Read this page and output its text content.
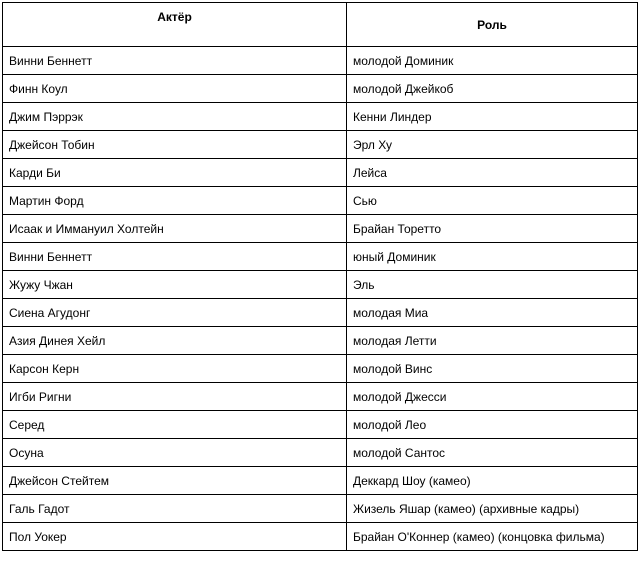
Актёр	Роль
Винни Беннетт	молодой Доминик
Финн Коул	молодой Джейкоб
Джим Пэррэк	Кенни Линдер
Джейсон Тобин	Эрл Ху
Карди Би	Лейса
Мартин Форд	Сью
Исаак и Иммануил Холтейн	Брайан Торетто
Винни Беннетт	юный Доминик
Жужу Чжан	Эль
Сиена Агудонг	молодая Миа
Азия Динея Хейл	молодая Летти
Карсон Керн	молодой Винс
Игби Ригни	молодой Джесси
Серед	молодой Лео
Осуна	молодой Сантос
Джейсон Стейтем	Деккард Шоу (камео)
Галь Гадот	Жизель Яшар (камео) (архивные кадры)
Пол Уокер	Брайан О'Коннер (камео) (концовка фильма)
